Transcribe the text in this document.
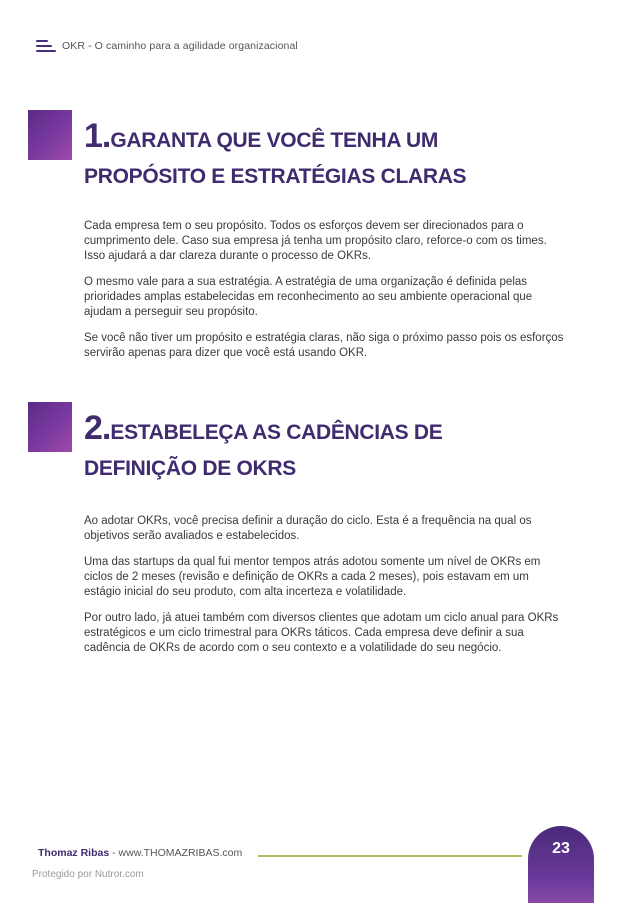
OKR - O caminho para a agilidade organizacional
1.GARANTA QUE VOCÊ TENHA UM
PROPÓSITO E ESTRATÉGIAS CLARAS

Cada empresa tem o seu propósito. Todos os esforços devem ser direcionados para o cumprimento dele. Caso sua empresa já tenha um propósito claro, reforce-o com os times. Isso ajudará a dar clareza durante o processo de OKRs.

O mesmo vale para a sua estratégia. A estratégia de uma organização é definida pelas prioridades amplas estabelecidas em reconhecimento ao seu ambiente operacional que ajudam a perseguir seu propósito.

Se você não tiver um propósito e estratégia claras, não siga o próximo passo pois os esforços servirão apenas para dizer que você está usando OKR.

2.ESTABELEÇA AS CADÊNCIAS DE
DEFINIÇÃO DE OKRS

Ao adotar OKRs, você precisa definir a duração do ciclo. Esta é a frequência na qual os objetivos serão avaliados e estabelecidos.

Uma das startups da qual fui mentor tempos atrás adotou somente um nível de OKRs em ciclos de 2 meses (revisão e definição de OKRs a cada 2 meses), pois estavam em um estágio inicial do seu produto, com alta incerteza e volatilidade.

Por outro lado, já atuei também com diversos clientes que adotam um ciclo anual para OKRs estratégicos e um ciclo trimestral para OKRs táticos. Cada empresa deve definir a sua cadência de OKRs de acordo com o seu contexto e a volatilidade do seu negócio.

Thomaz Ribas - www.THOMAZRIBAS.com	23
Protegido por Nutror.com
